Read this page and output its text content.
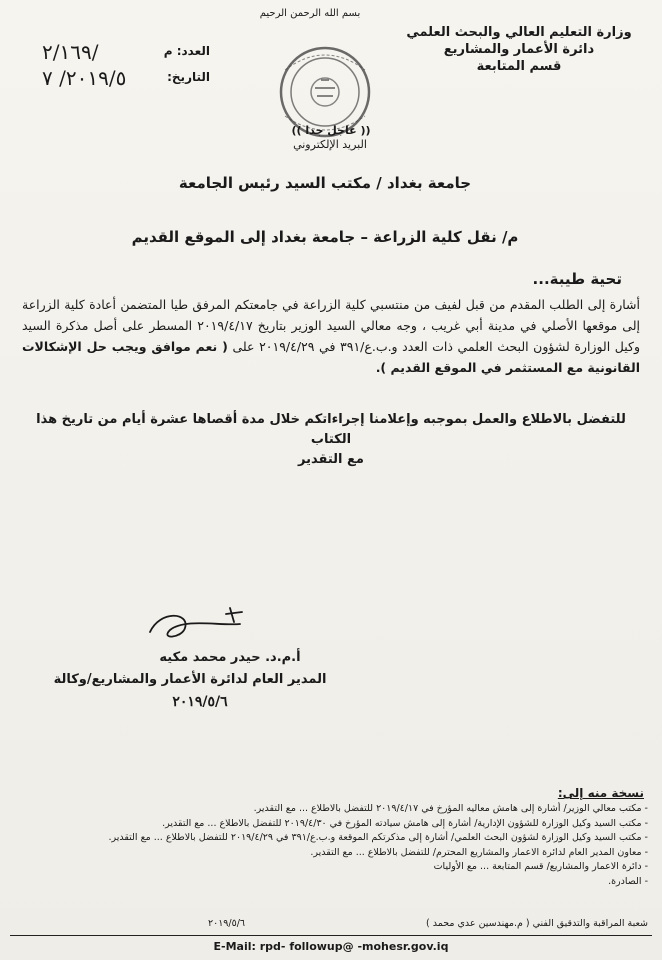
بسم الله الرحمن الرحيم
وزارة التعليم العالي والبحث العلمي
دائرة الأعمار والمشاريع
قسم المتابعة
العدد: م
٢/١٦٩/
التاريخ:
٢٠١٩/٥/ ٧
(( عاجل جدا ))
البريد الإلكتروني
جامعة بغداد / مكتب السيد رئيس الجامعة
م/ نقل كلية الزراعة – جامعة بغداد إلى الموقع القديم
تحية طيبة...
أشارة إلى الطلب المقدم من قبل لفيف من منتسبي كلية الزراعة في جامعتكم المرفق طيا المتضمن أعادة كلية الزراعة إلى موقعها الأصلي في مدينة أبي غريب ، وجه معالي السيد الوزير بتاريخ ٢٠١٩/٤/١٧ المسطر على أصل مذكرة السيد وكيل الوزارة لشؤون البحث العلمي ذات العدد و.ب.ع/٣٩١ في ٢٠١٩/٤/٢٩ على ( نعم موافق ويجب حل الإشكالات القانونية مع المستثمر في الموقع القديم ).
للتفضل بالاطلاع والعمل بموجبه وإعلامنا إجراءاتكم خلال مدة أقصاها عشرة أيام من تاريخ هذا الكتاب
مع التقدير
أ.م.د. حيدر محمد مكيه
المدير العام لدائرة الأعمار والمشاريع/وكالة
٢٠١٩/٥/٦
نسخة منه إلى:
- مكتب معالي الوزير/ أشارة إلى هامش معاليه المؤرخ في ٢٠١٩/٤/١٧ للتفضل بالاطلاع ... مع التقدير.
- مكتب السيد وكيل الوزارة للشؤون الإدارية/ أشارة إلى هامش سيادته المؤرخ في ٢٠١٩/٤/٣٠ للتفضل بالاطلاع ... مع التقدير.
- مكتب السيد وكيل الوزارة لشؤون البحث العلمي/ أشارة إلى مذكرتكم الموقعة و.ب.ع/٣٩١ في ٢٠١٩/٤/٢٩ للتفضل بالاطلاع ... مع التقدير.
- معاون المدير العام لدائرة الاعمار والمشاريع المحترم/ للتفضل بالاطلاع ... مع التقدير.
- دائرة الاعمار والمشاريع/ قسم المتابعة ... مع الأوليات
- الصادرة.
شعبة المراقبة والتدقيق الفني ( م.مهندسين عدي محمد )
٢٠١٩/٥/٦
E-Mail: rpd- followup@ -mohesr.gov.iq
